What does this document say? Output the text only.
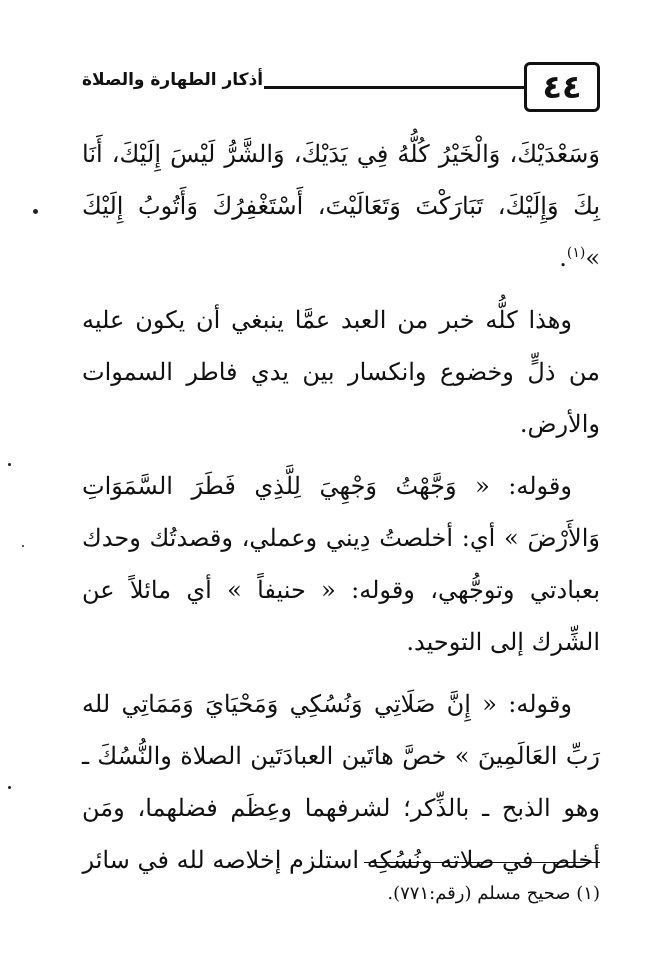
٤٤
أذكار الطهارة والصلاة

وَسَعْدَيْكَ، وَالْخَيْرُ كُلُّهُ فِي يَدَيْكَ، وَالشَّرُّ لَيْسَ إِلَيْكَ، أَنَا بِكَ وَإِلَيْكَ، تَبَارَكْتَ وَتَعَالَيْتَ، أَسْتَغْفِرُكَ وَأَتُوبُ إِلَيْكَ »$^{(١)}$.

وهذا كلُّه خبر من العبد عمَّا ينبغي أن يكون عليه من ذلٍّ وخضوع وانكسار بين يدي فاطر السموات والأرض.

وقوله: « وَجَّهْتُ وَجْهِيَ لِلَّذِي فَطَرَ السَّمَوَاتِ وَالأَرْضَ » أي: أخلصتُ دِيني وعملي، وقصدتُك وحدك بعبادتي وتوجُّهي، وقوله: « حنيفاً » أي مائلاً عن الشِّرك إلى التوحيد.

وقوله: « إِنَّ صَلَاتِي وَنُسُكِي وَمَحْيَايَ وَمَمَاتِي لله رَبِّ العَالَمِينَ » خصَّ هاتَين العبادَتَين الصلاة والنُّسُكَ ـ وهو الذبح ـ بالذِّكر؛ لشرفهما وعِظَم فضلهما، ومَن أخلص في صلاته ونُسُكِه استلزم إخلاصه لله في سائر

(١) صحيح مسلم (رقم:٧٧١).
